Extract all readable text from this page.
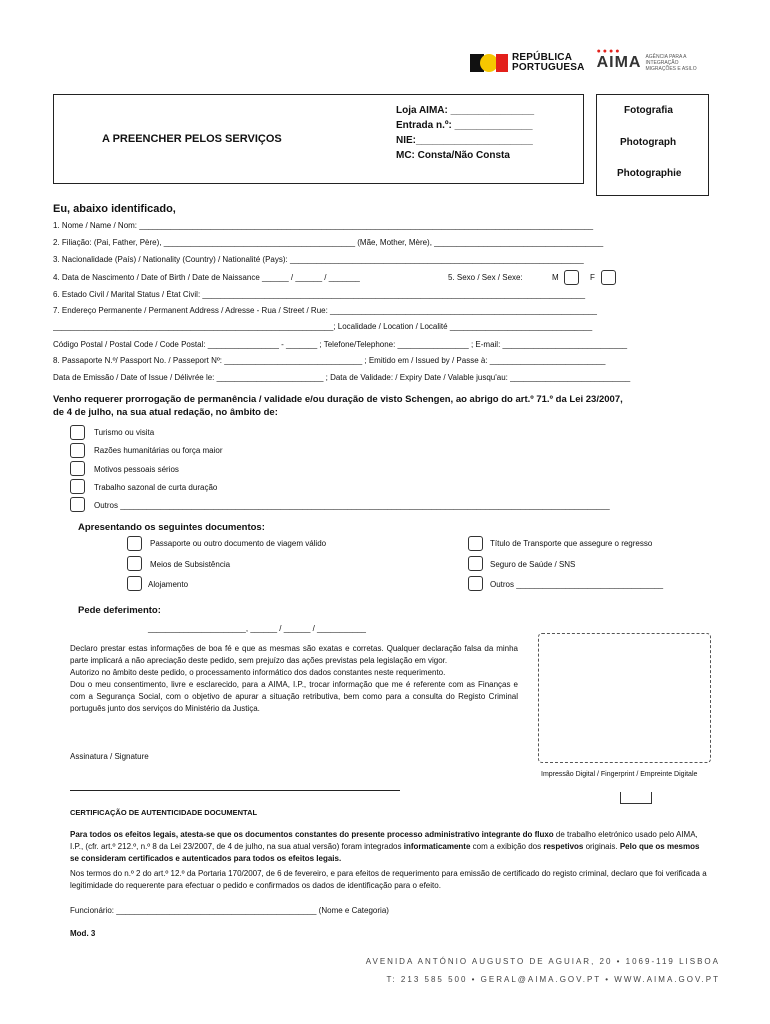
REPÚBLICA
PORTUGUESA
●●●●
AIMA AGÊNCIA PARA A INTEGRAÇÃO MIGRAÇÕES E ASILO
A PREENCHER PELOS SERVIÇOS
Loja AIMA: _______________
Entrada n.º: ______________
NIE:_____________________
MC: Consta/Não Consta
Fotografia
Photograph
Photographie
Eu, abaixo identificado,
1. Nome / Name / Nom: ______________________________________________________________________________________________________
2. Filiação: (Pai, Father, Père), ___________________________________________ (Mãe, Mother, Mère), ______________________________________
3. Nacionalidade (País) / Nationality (Country) / Nationalité (Pays): __________________________________________________________________
4. Data de Nascimento / Date of Birth / Date de Naissance ______ / ______ / _______	5. Sexo / Sex / Sexe:	M	F
6. Estado Civil / Marital Status / État Civil: ______________________________________________________________________________________
7. Endereço Permanente / Permanent Address / Adresse - Rua / Street / Rue: ____________________________________________________________
_______________________________________________________________; Localidade / Location / Localité ________________________________
Código Postal / Postal Code / Code Postal: ________________ - _______ ; Telefone/Telephone: ________________ ; E-mail: ____________________________
8. Passaporte N.º/ Passport No. / Passeport Nº: _______________________________ ; Emitido em / Issued by / Passe à: __________________________
Data de Emissão / Date of Issue / Délivrée le: ________________________ ; Data de Validade: / Expiry Date / Valable jusqu'au: ___________________________
Venho requerer prorrogação de permanência / validade e/ou duração de visto Schengen, ao abrigo do art.º 71.º da Lei 23/2007,
de 4 de julho, na sua atual redação, no âmbito de:
Turismo ou visita
Razões humanitárias ou força maior
Motivos pessoais sérios
Trabalho sazonal de curta duração
Outros ______________________________________________________________________________________________________________
Apresentando os seguintes documentos:
Passaporte ou outro documento de viagem válido
Meios de Subsistência
Alojamento
Título de Transporte que assegure o regresso
Seguro de Saúde / SNS
Outros _________________________________
Pede deferimento:
______________________, ______ / ______ / ___________
Declaro prestar estas informações de boa fé e que as mesmas são exatas e corretas. Qualquer declaração falsa da minha parte implicará a não apreciação deste pedido, sem prejuízo das ações previstas pela legislação em vigor.
Autorizo no âmbito deste pedido, o processamento informático dos dados constantes neste requerimento.
Dou o meu consentimento, livre e esclarecido, para a AIMA, I.P., trocar informação que me é referente com as Finanças e com a Segurança Social, com o objetivo de apurar a situação retributiva, bem como para a consulta do Registo Criminal português junto dos serviços do Ministério da Justiça.
Assinatura / Signature
Impressão Digital / Fingerprint / Empreinte Digitale
CERTIFICAÇÃO DE AUTENTICIDADE DOCUMENTAL
Para todos os efeitos legais, atesta-se que os documentos constantes do presente processo administrativo integrante do fluxo de trabalho eletrónico usado pelo AIMA, I.P., (cfr. art.º 212.º, n.º 8 da Lei 23/2007, de 4 de julho, na sua atual versão) foram integrados informaticamente com a exibição dos respetivos originais. Pelo que os mesmos se consideram certificados e autenticados para todos os efeitos legais.
Nos termos do n.º 2 do art.º 12.º da Portaria 170/2007, de 6 de fevereiro, e para efeitos de requerimento para emissão de certificado do registo criminal, declaro que foi verificada a legitimidade do requerente para efectuar o pedido e confirmados os dados de identificação para o efeito.
Funcionário: _____________________________________________ (Nome e Categoria)
Mod. 3
AVENIDA ANTÓNIO AUGUSTO DE AGUIAR, 20 • 1069-119 LISBOA
T: 213 585 500 • GERAL@AIMA.GOV.PT • WWW.AIMA.GOV.PT
